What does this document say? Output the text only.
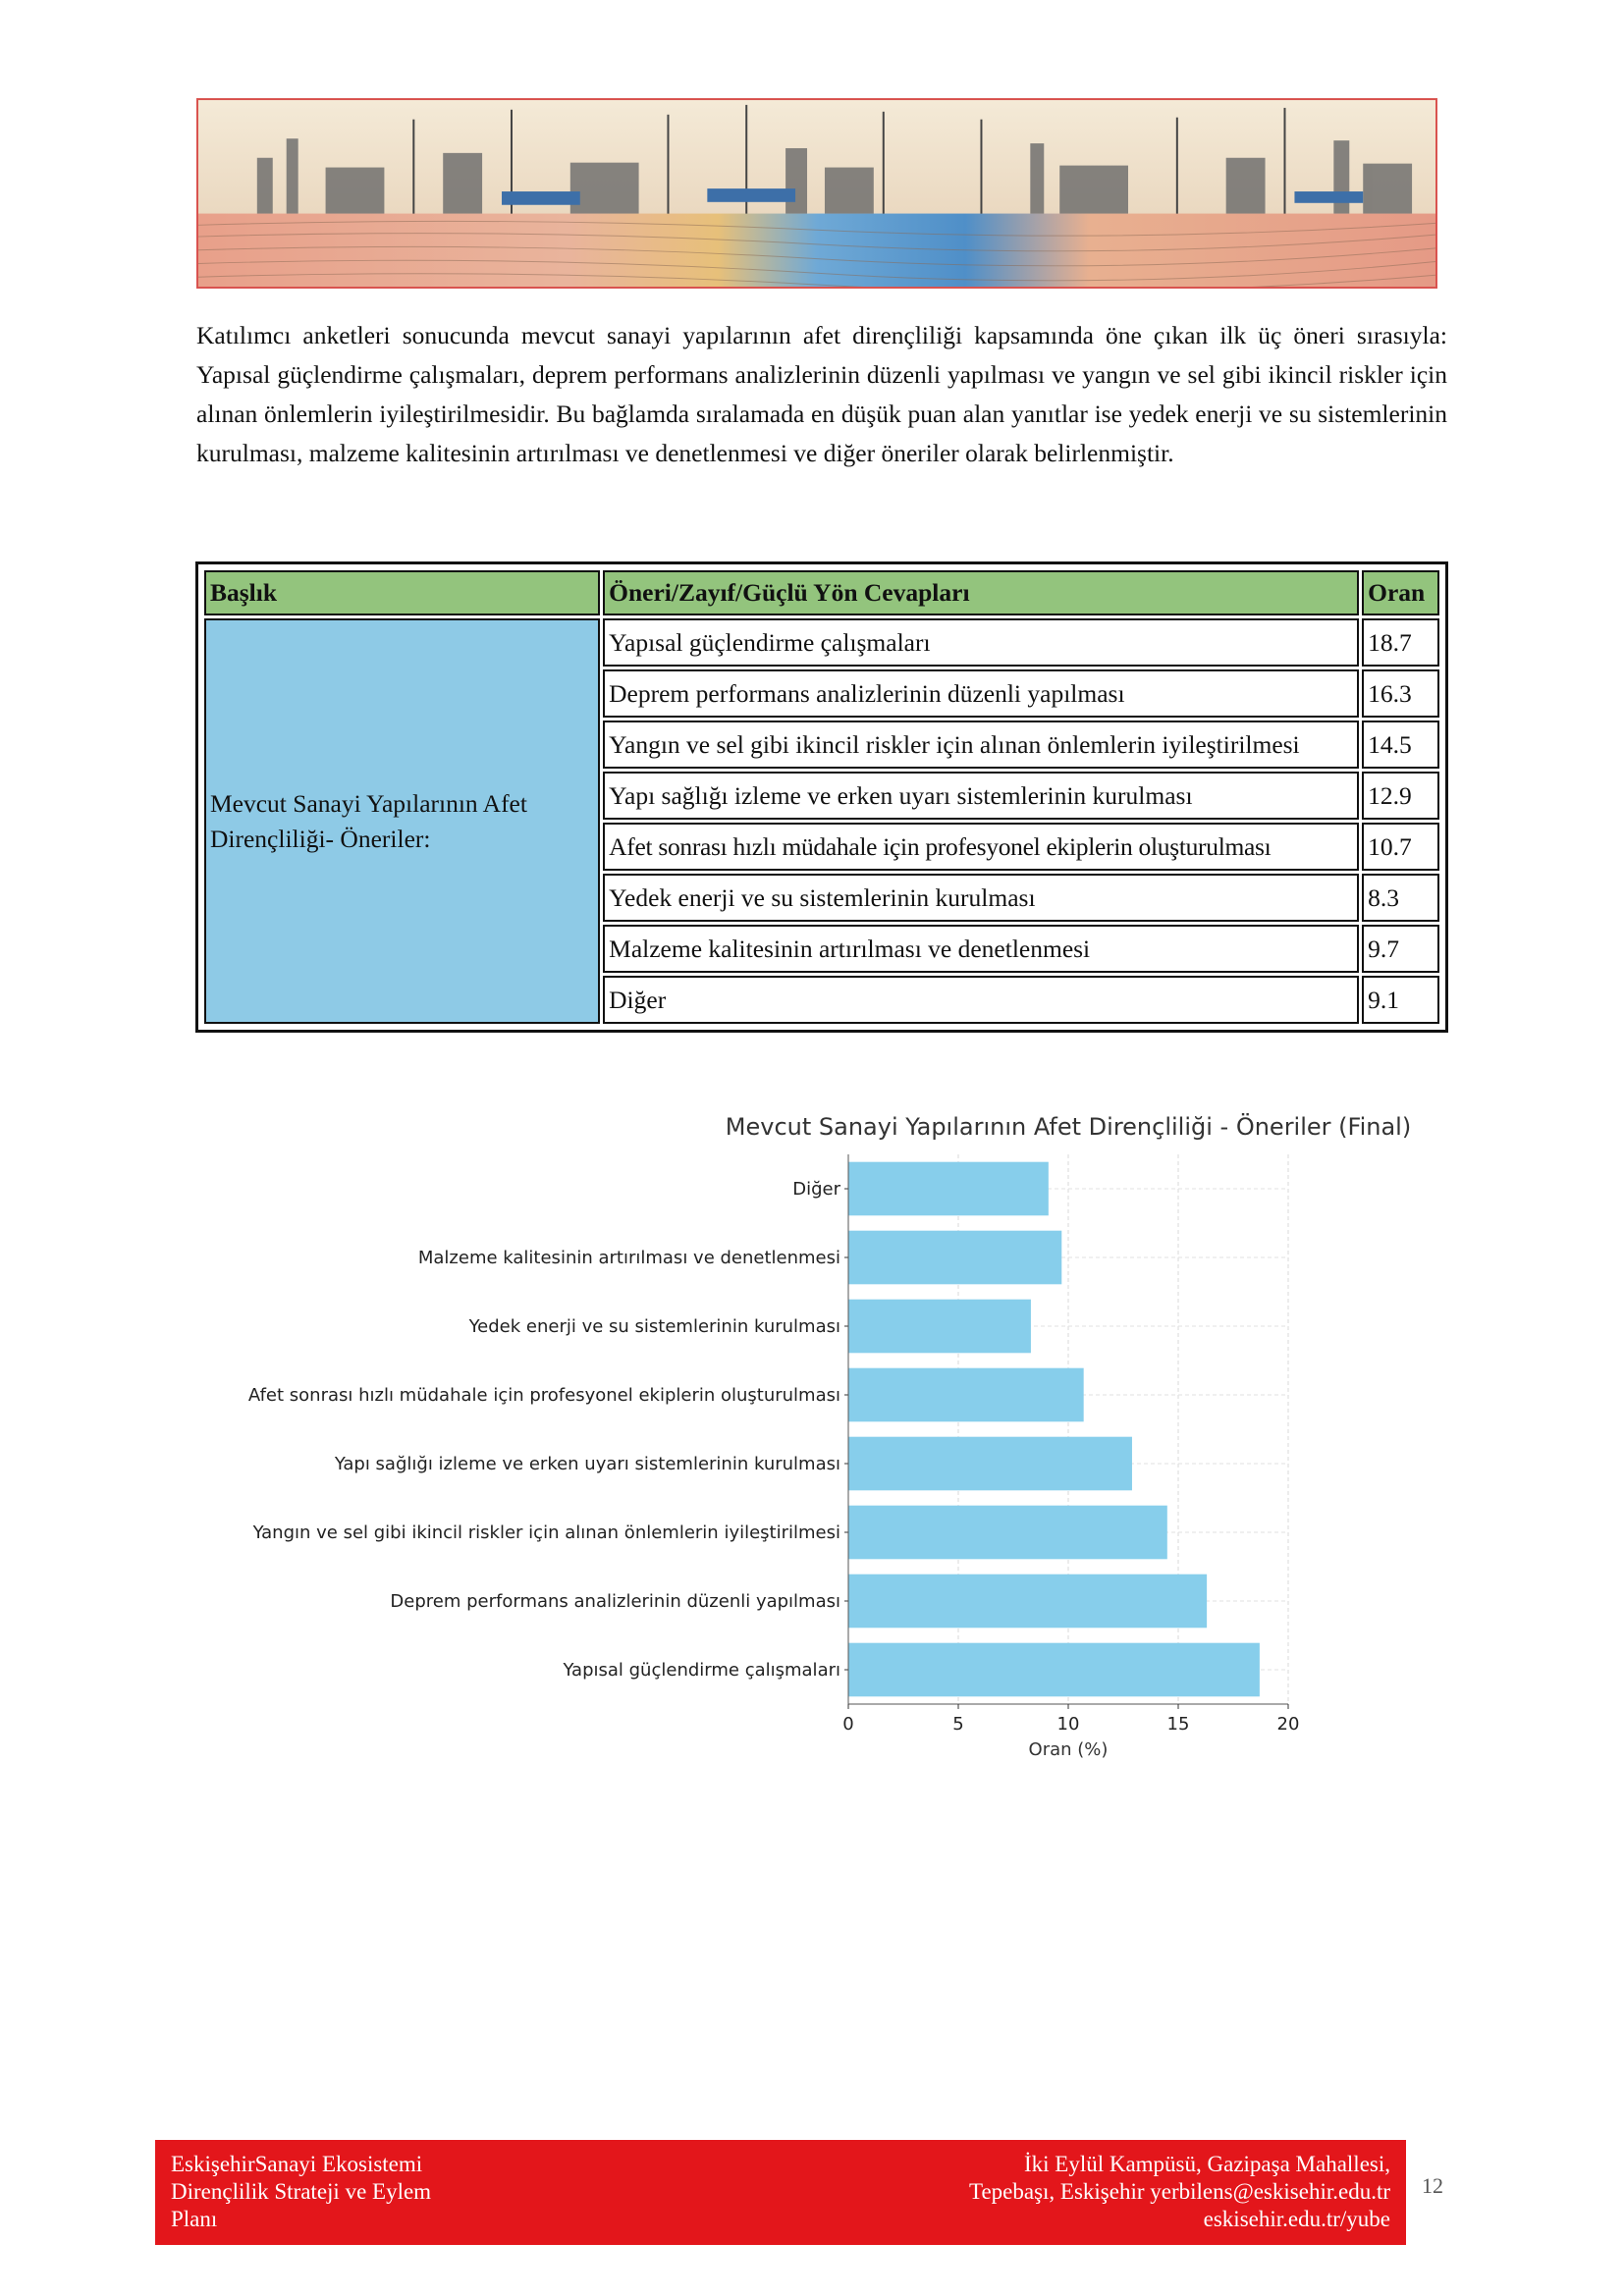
Katılımcı anketleri sonucunda mevcut sanayi yapılarının afet dirençliliği kapsamında öne çıkan ilk üç öneri sırasıyla: Yapısal güçlendirme çalışmaları, deprem performans analizlerinin düzenli yapılması ve yangın ve sel gibi ikincil riskler için alınan önlemlerin iyileştirilmesidir. Bu bağlamda sıralamada en düşük puan alan yanıtlar ise yedek enerji ve su sistemlerinin kurulması, malzeme kalitesinin artırılması ve denetlenmesi ve diğer öneriler olarak belirlenmiştir.

Başlık	Öneri/Zayıf/Güçlü Yön Cevapları	Oran
Mevcut Sanayi Yapılarının Afet Dirençliliği- Öneriler:	Yapısal güçlendirme çalışmaları	18.7
	Deprem performans analizlerinin düzenli yapılması	16.3
	Yangın ve sel gibi ikincil riskler için alınan önlemlerin iyileştirilmesi	14.5
	Yapı sağlığı izleme ve erken uyarı sistemlerinin kurulması	12.9
	Afet sonrası hızlı müdahale için profesyonel ekiplerin oluşturulması	10.7
	Yedek enerji ve su sistemlerinin kurulması	8.3
	Malzeme kalitesinin artırılması ve denetlenmesi	9.7
	Diğer	9.1
Mevcut Sanayi Yapılarının Afet Dirençliliği - Öneriler (Final)
Diğer
Malzeme kalitesinin artırılması ve denetlenmesi
Yedek enerji ve su sistemlerinin kurulması
Afet sonrası hızlı müdahale için profesyonel ekiplerin oluşturulması
Yapı sağlığı izleme ve erken uyarı sistemlerinin kurulması
Yangın ve sel gibi ikincil riskler için alınan önlemlerin iyileştirilmesi
Deprem performans analizlerinin düzenli yapılması
Yapısal güçlendirme çalışmaları
0	5	10	15	20
Oran (%)
EskişehirSanayi Ekosistemi
Dirençlilik Strateji ve Eylem
Planı
İki Eylül Kampüsü, Gazipaşa Mahallesi,
Tepebaşı, Eskişehir yerbilens@eskisehir.edu.tr
eskisehir.edu.tr/yube
12
